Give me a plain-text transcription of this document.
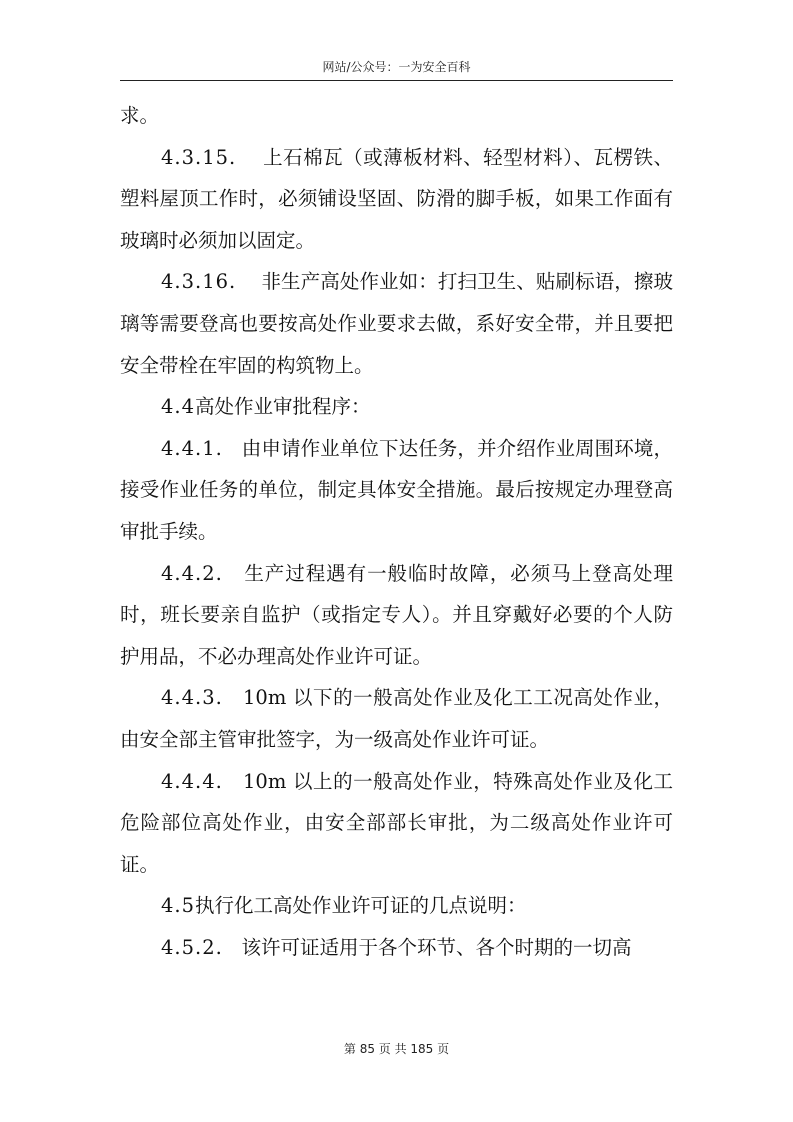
网站/公众号：一为安全百科

求。

4.3.15. 上石棉瓦（或薄板材料、轻型材料）、瓦楞铁、塑料屋顶工作时，必须铺设坚固、防滑的脚手板，如果工作面有玻璃时必须加以固定。

4.3.16. 非生产高处作业如：打扫卫生、贴刷标语，擦玻璃等需要登高也要按高处作业要求去做，系好安全带，并且要把安全带栓在牢固的构筑物上。

4.4高处作业审批程序：

4.4.1. 由申请作业单位下达任务，并介绍作业周围环境，接受作业任务的单位，制定具体安全措施。最后按规定办理登高审批手续。

4.4.2. 生产过程遇有一般临时故障，必须马上登高处理时，班长要亲自监护（或指定专人）。并且穿戴好必要的个人防护用品，不必办理高处作业许可证。

4.4.3. 10m 以下的一般高处作业及化工工况高处作业，由安全部主管审批签字，为一级高处作业许可证。

4.4.4. 10m 以上的一般高处作业，特殊高处作业及化工危险部位高处作业，由安全部部长审批，为二级高处作业许可证。

4.5执行化工高处作业许可证的几点说明：

4.5.2. 该许可证适用于各个环节、各个时期的一切高

第 85 页 共 185 页
